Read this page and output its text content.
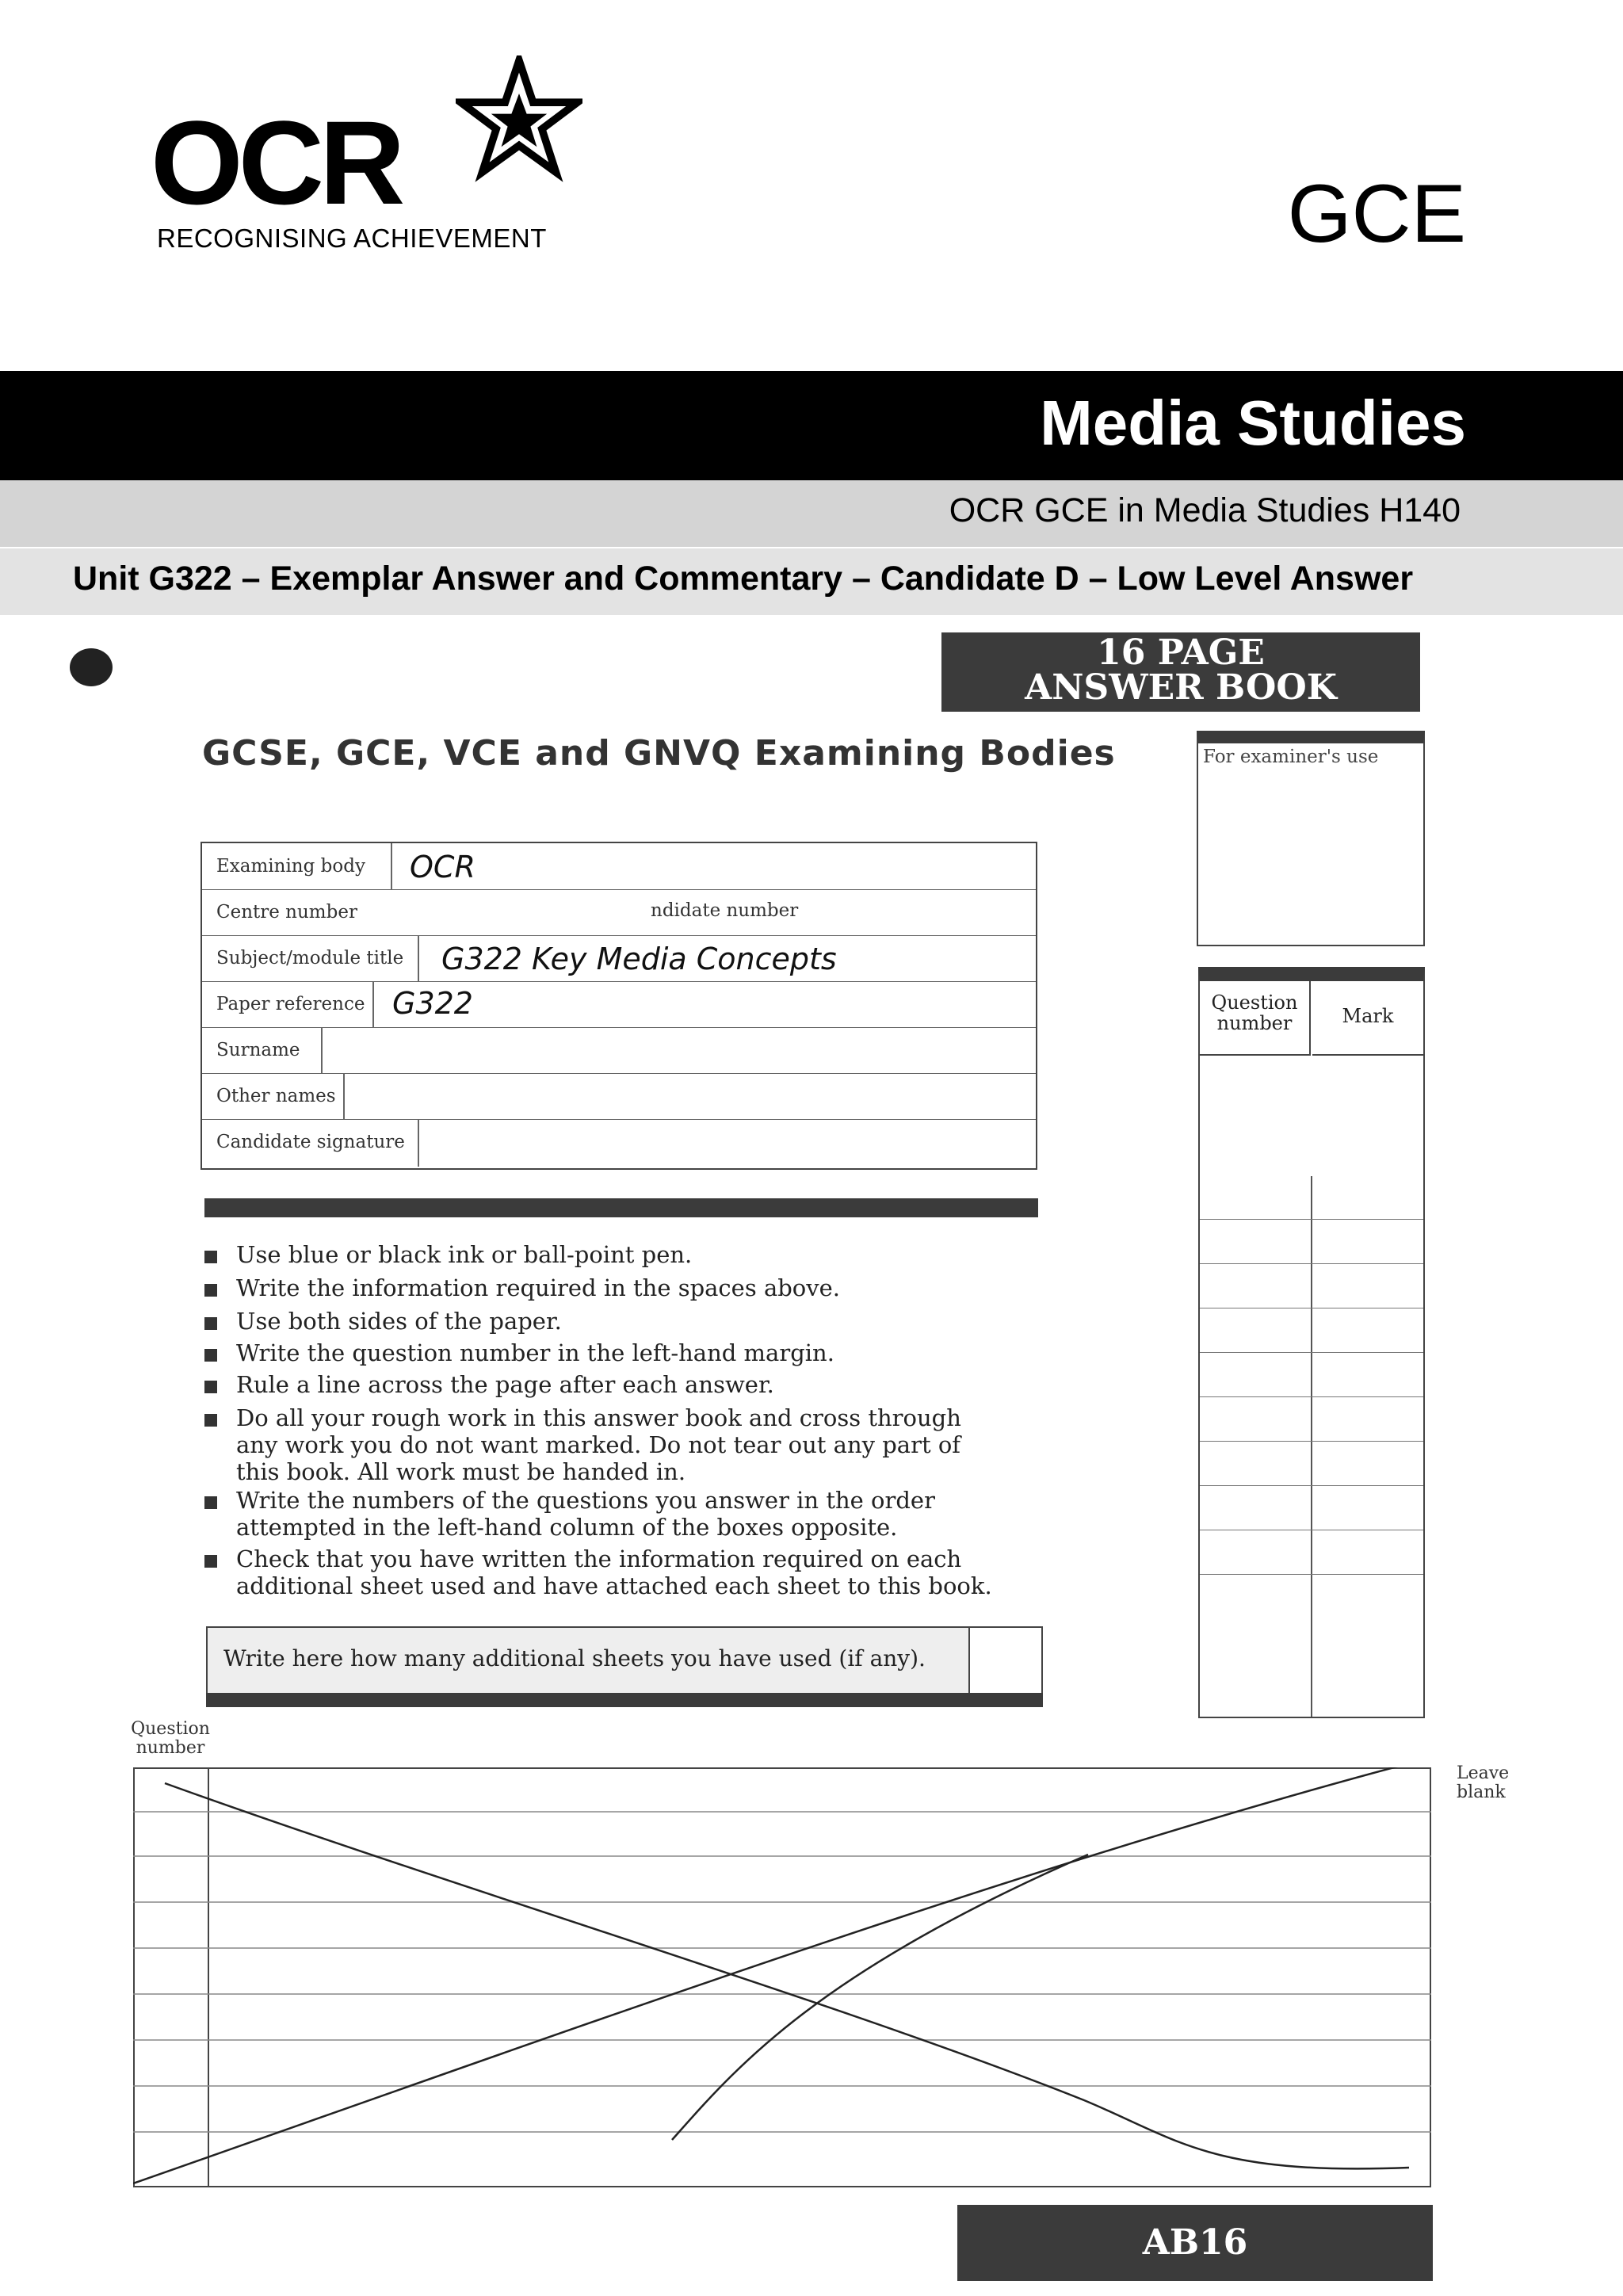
OCR
RECOGNISING ACHIEVEMENT	GCE
Media Studies
OCR GCE in Media Studies H140
Unit G322 – Exemplar Answer and Commentary – Candidate D – Low Level Answer
16 PAGE
ANSWER BOOK
GCSE, GCE, VCE and GNVQ Examining Bodies	For examiner's use
Examining body OCR
Centre number	ndidate number
Subject/module title G322 Key Media Concepts
Paper reference G322
Surname
Other names
Candidate signature
Use blue or black ink or ball-point pen.
Write the information required in the spaces above.
Use both sides of the paper.
Write the question number in the left-hand margin.
Rule a line across the page after each answer.
Do all your rough work in this answer book and cross through any work you do not want marked. Do not tear out any part of this book. All work must be handed in.
Write the numbers of the questions you answer in the order attempted in the left-hand column of the boxes opposite.
Check that you have written the information required on each additional sheet used and have attached each sheet to this book.
Write here how many additional sheets you have used (if any).
Question number	Mark
Question number
Leave blank
AB16
